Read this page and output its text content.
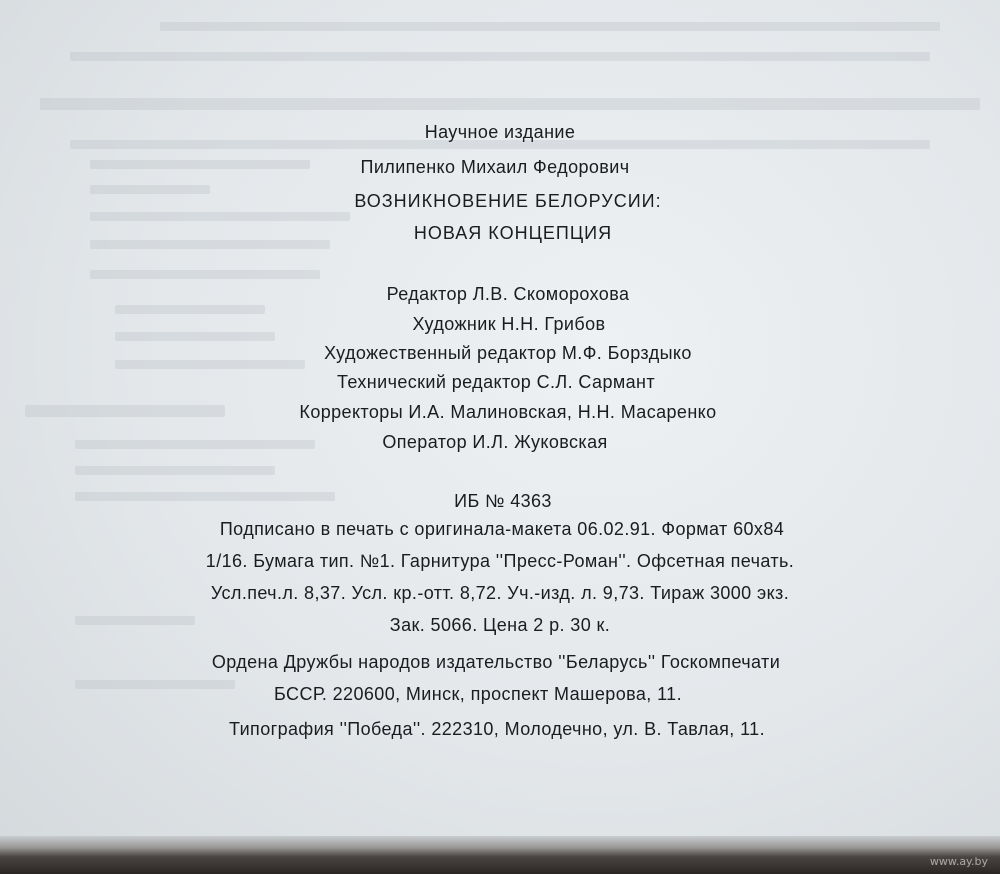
Научное издание
Пилипенко Михаил Федорович
ВОЗНИКНОВЕНИЕ БЕЛОРУСИИ:
НОВАЯ КОНЦЕПЦИЯ
Редактор Л.В. Скоморохова
Художник Н.Н. Грибов
Художественный редактор М.Ф. Борздыко
Технический редактор С.Л. Сармант
Корректоры И.А. Малиновская, Н.Н. Масаренко
Оператор И.Л. Жуковская
ИБ № 4363
Подписано в печать с оригинала-макета 06.02.91. Формат 60x84
1/16. Бумага тип. №1. Гарнитура ''Пресс-Роман''. Офсетная печать.
Усл.печ.л. 8,37. Усл. кр.-отт. 8,72. Уч.-изд. л. 9,73. Тираж 3000 экз.
Зак. 5066. Цена 2 р. 30 к.
Ордена Дружбы народов издательство ''Беларусь'' Госкомпечати
БССР. 220600, Минск, проспект Машерова, 11.
Типография ''Победа''. 222310, Молодечно, ул. В. Тавлая, 11.
www.ay.by
